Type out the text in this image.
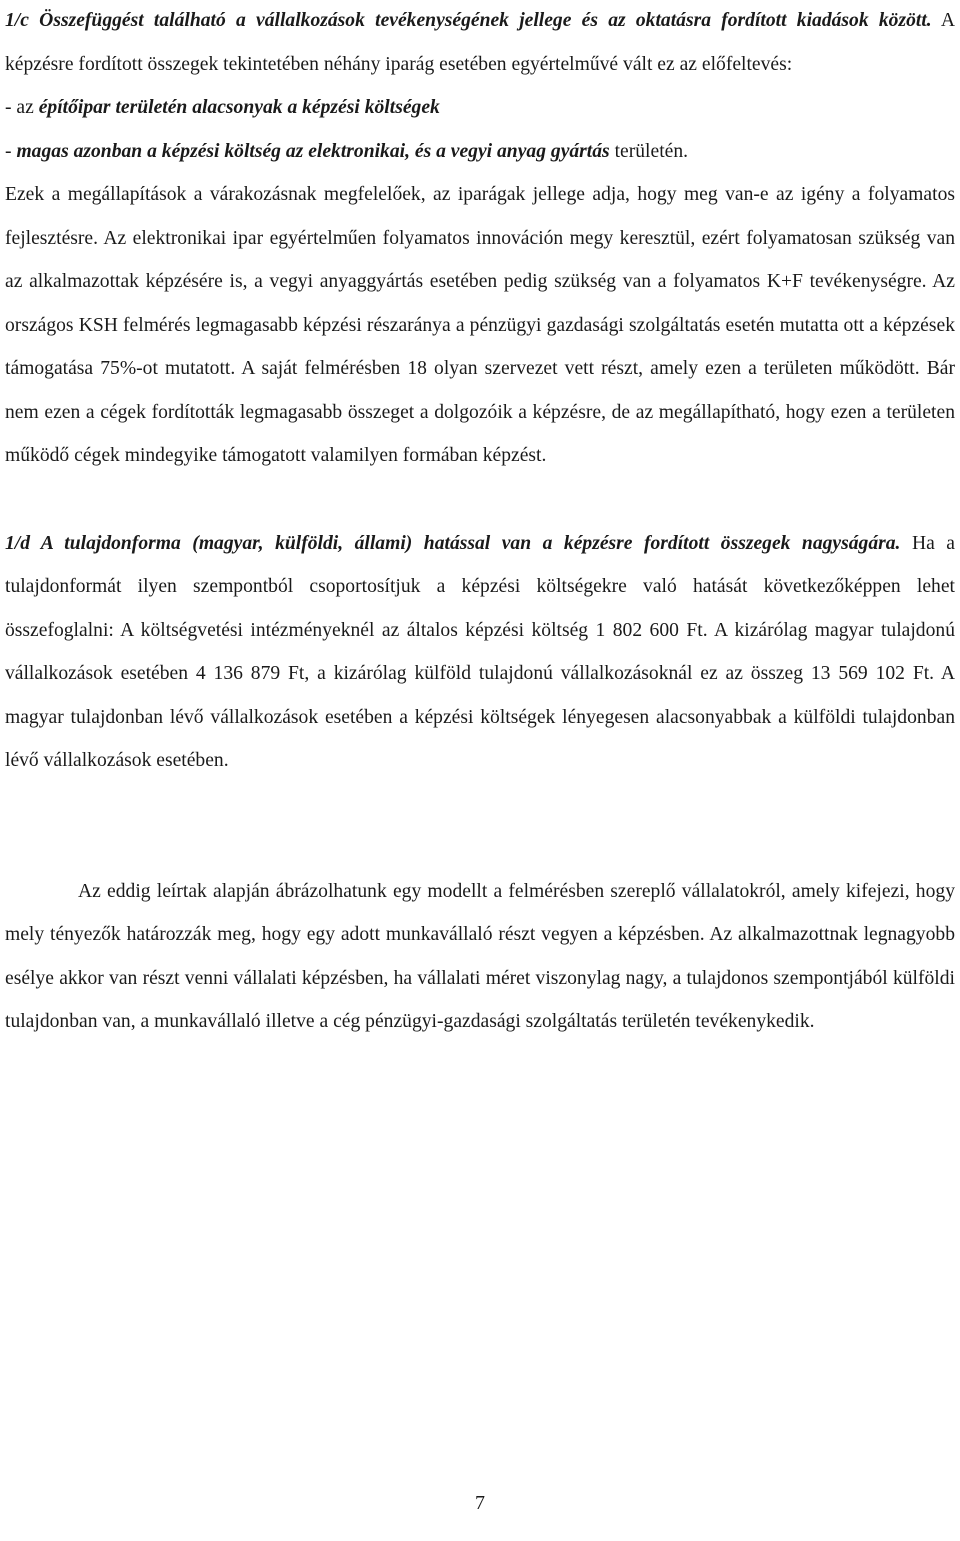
1/c Összefüggést található a vállalkozások tevékenységének jellege és az oktatásra fordított kiadások között. A képzésre fordított összegek tekintetében néhány iparág esetében egyértelművé vált ez az előfeltevés:

- az építőipar területén alacsonyak a képzési költségek

- magas azonban a képzési költség az elektronikai, és a vegyi anyag gyártás területén.

Ezek a megállapítások a várakozásnak megfelelőek, az iparágak jellege adja, hogy meg van-e az igény a folyamatos fejlesztésre. Az elektronikai ipar egyértelműen folyamatos innováción megy keresztül, ezért folyamatosan szükség van az alkalmazottak képzésére is, a vegyi anyaggyártás esetében pedig szükség van a folyamatos K+F tevékenységre. Az országos KSH felmérés legmagasabb képzési részaránya a pénzügyi gazdasági szolgáltatás esetén mutatta ott a képzések támogatása 75%-ot mutatott. A saját felmérésben 18 olyan szervezet vett részt, amely ezen a területen működött. Bár nem ezen a cégek fordították legmagasabb összeget a dolgozóik a képzésre, de az megállapítható, hogy ezen a területen működő cégek mindegyike támogatott valamilyen formában képzést.

1/d A tulajdonforma (magyar, külföldi, állami) hatással van a képzésre fordított összegek nagyságára. Ha a tulajdonformát ilyen szempontból csoportosítjuk a képzési költségekre való hatását következőképpen lehet összefoglalni: A költségvetési intézményeknél az általos képzési költség 1 802 600 Ft. A kizárólag magyar tulajdonú vállalkozások esetében 4 136 879 Ft, a kizárólag külföld tulajdonú vállalkozásoknál ez az összeg 13 569 102 Ft. A magyar tulajdonban lévő vállalkozások esetében a képzési költségek lényegesen alacsonyabbak a külföldi tulajdonban lévő vállalkozások esetében.

Az eddig leírtak alapján ábrázolhatunk egy modellt a felmérésben szereplő vállalatokról, amely kifejezi, hogy mely tényezők határozzák meg, hogy egy adott munkavállaló részt vegyen a képzésben. Az alkalmazottnak legnagyobb esélye akkor van részt venni vállalati képzésben, ha vállalati méret viszonylag nagy, a tulajdonos szempontjából külföldi tulajdonban van, a munkavállaló illetve a cég pénzügyi-gazdasági szolgáltatás területén tevékenykedik.

7
